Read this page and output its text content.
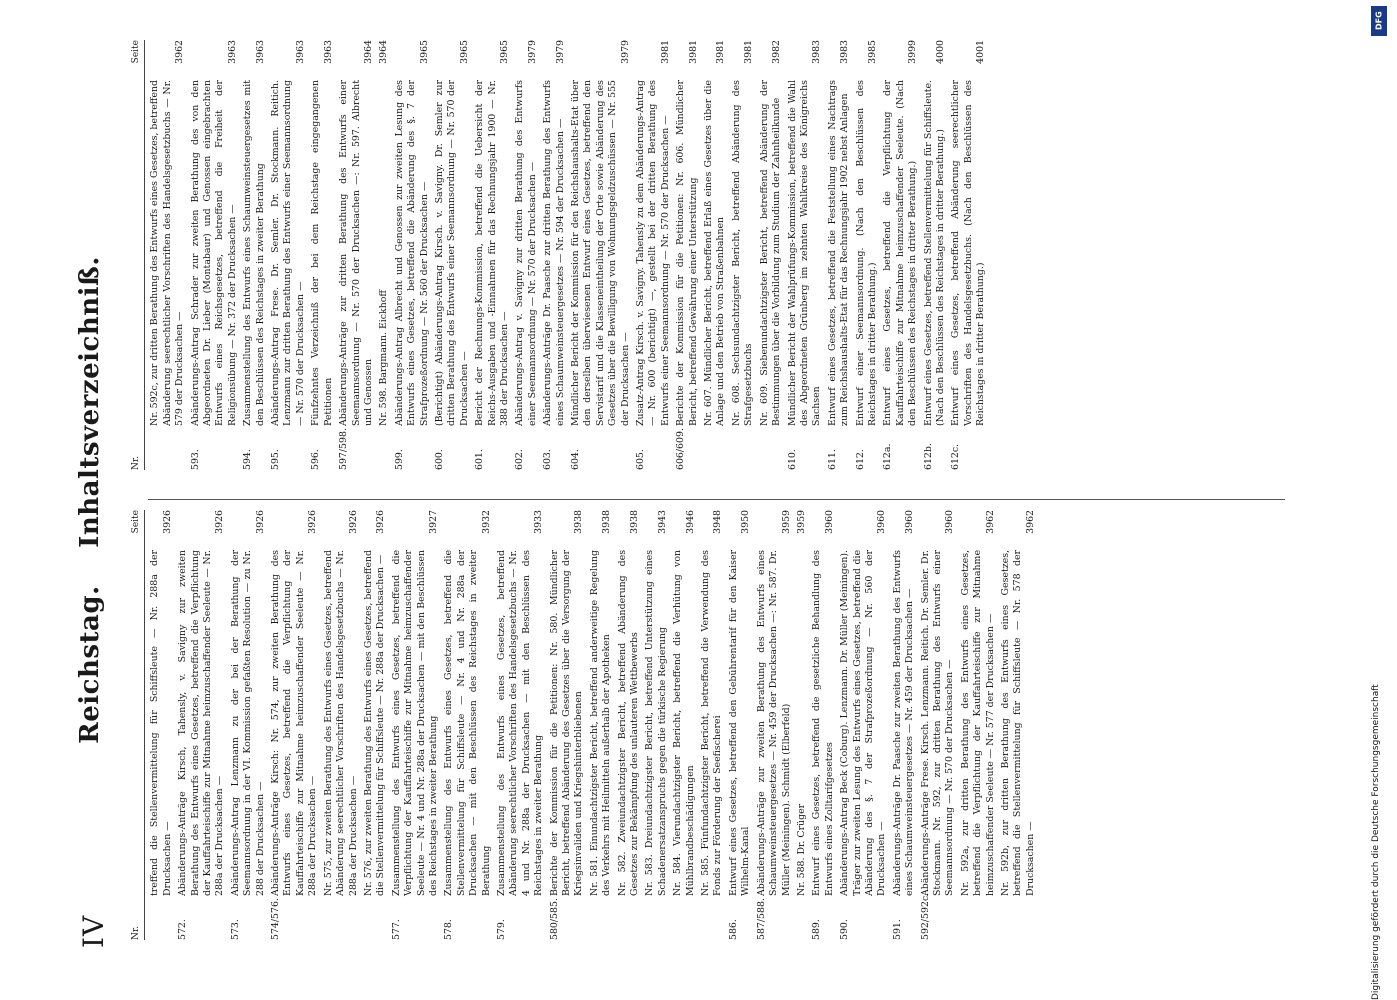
IV
Reichstag. Inhaltsverzeichniß.
Nr.
Seite
treffend die Stellenvermittelung für Schiffsleute — Nr. 288a der Drucksachen —
3926
572.
Abänderungs-Anträge Kirsch, Tahensly, v. Savigny zur zweiten Berathung des Entwurfs eines Gesetzes, betreffend die Verpflichtung der Kauffahrteischiffe zur Mitnahme heimzuschaffender Seeleute — Nr. 288a der Drucksachen —
3926
573.
Abänderungs-Antrag Lenzmann zu der bei der Berathung der Seemannsordnung in der VI. Kommission gefaßten Resolution — zu Nr. 288 der Drucksachen —
3926
574/576.
Abänderungs-Anträge Kirsch: Nr. 574, zur zweiten Berathung des Entwurfs eines Gesetzes, betreffend die Verpflichtung der Kauffahrteischiffe zur Mitnahme heimzuschaffender Seeleute — Nr. 288a der Drucksachen —
3926
Nr. 575, zur zweiten Berathung des Entwurfs eines Gesetzes, betreffend Abänderung seerechtlicher Vorschriften des Handelsgesetzbuchs — Nr. 288a der Drucksachen —
3926
Nr. 576, zur zweiten Berathung des Entwurfs eines Gesetzes, betreffend die Stellenvermittelung für Schiffsleute — Nr. 288a der Drucksachen —
3926
577.
Zusammenstellung des Entwurfs eines Gesetzes, betreffend die Verpflichtung der Kauffahrteischiffe zur Mitnahme heimzuschaffender Seeleute — Nr. 4 und Nr. 288a der Drucksachen — mit den Beschlüssen des Reichstages in zweiter Berathung
3927
578.
Zusammenstellung des Entwurfs eines Gesetzes, betreffend die Stellenvermittelung für Schiffsleute — Nr. 4 und Nr. 288a der Drucksachen — mit den Beschlüssen des Reichstages in zweiter Berathung
3932
579.
Zusammenstellung des Entwurfs eines Gesetzes, betreffend Abänderung seerechtlicher Vorschriften des Handelsgesetzbuchs — Nr. 4 und Nr. 288a der Drucksachen — mit den Beschlüssen des Reichstages in zweiter Berathung
3933
580/585.
Berichte der Kommission für die Petitionen: Nr. 580. Mündlicher Bericht, betreffend Abänderung des Gesetzes über die Versorgung der Kriegsinvaliden und Kriegshinterbliebenen
3938
Nr. 581. Einundachtzigster Bericht, betreffend anderweitige Regelung des Verkehrs mit Heilmitteln außerhalb der Apotheken
3938
Nr. 582. Zweiundachtzigster Bericht, betreffend Abänderung des Gesetzes zur Bekämpfung des unlauteren Wettbewerbs
3938
Nr. 583. Dreiundachtzigster Bericht, betreffend Unterstützung eines Schadenersatzanspruchs gegen die türkische Regierung
3943
Nr. 584. Vierundachtzigster Bericht, betreffend die Verhütung von Mühlbrandbeschädigungen
3946
Nr. 585. Fünfundachtzigster Bericht, betreffend die Verwendung des Fonds zur Förderung der Seefischerei
3948
586.
Entwurf eines Gesetzes, betreffend den Gebührentarif für den Kaiser Wilhelm-Kanal
3950
587/588.
Abänderungs-Anträge zur zweiten Berathung des Entwurfs eines Schaumweinsteuergesetzes — Nr. 459 der Drucksachen —: Nr. 587. Dr. Müller (Meiningen). Schmidt (Elberfeld)
3959
Nr. 588. Dr. Crüger
3959
589.
Entwurf eines Gesetzes, betreffend die gesetzliche Behandlung des Entwurfs eines Zolltarifgesetzes
3960
590.
Abänderungs-Antrag Beck (Coburg). Lenzmann. Dr. Müller (Meiningen). Träger zur zweiten Lesung des Entwurfs eines Gesetzes, betreffend die Abänderung des §. 7 der Strafprozeßordnung — Nr. 560 der Drucksachen —
3960
591.
Abänderungs-Anträge Dr. Paasche zur zweiten Berathung des Entwurfs eines Schaumweinsteuergesetzes — Nr. 459 der Drucksachen —
3960
592/592c.
Abänderungs-Anträge Frese. Kirsch. Lenzmann. Reitich. Dr. Semler. Dr. Stockmann. Nr. 592, zur dritten Berathung des Entwurfs einer Seemannsordnung — Nr. 570 der Drucksachen —
3960
Nr. 592a, zur dritten Berathung des Entwurfs eines Gesetzes, betreffend die Verpflichtung der Kauffahrteischiffe zur Mitnahme heimzuschaffender Seeleute — Nr. 577 der Drucksachen —
3962
Nr. 592b, zur dritten Berathung des Entwurfs eines Gesetzes, betreffend die Stellenvermittelung für Schiffsleute — Nr. 578 der Drucksachen —
3962
Nr.
Seite
Nr. 592c, zur dritten Berathung des Entwurfs eines Gesetzes, betreffend Abänderung seerechtlicher Vorschriften des Handelsgesetzbuchs — Nr. 579 der Drucksachen —
3962
593.
Abänderungs-Antrag Schrader zur zweiten Berathung des von den Abgeordneten Dr. Lieber (Montabaur) und Genossen eingebrachten Entwurfs eines Reichsgesetzes, betreffend die Freiheit der Religionsübung — Nr. 372 der Drucksachen —
3963
594.
Zusammenstellung des Entwurfs eines Schaumweinsteuergesetzes mit den Beschlüssen des Reichstages in zweiter Berathung
3963
595.
Abänderungs-Antrag Frese. Dr. Semler. Dr. Stockmann. Reitich. Lenzmann zur dritten Berathung des Entwurfs einer Seemannsordnung — Nr. 570 der Drucksachen —
3963
596.
Fünfzehntes Verzeichniß der bei dem Reichstage eingegangenen Petitionen
3963
597/598.
Abänderungs-Anträge zur dritten Berathung des Entwurfs einer Seemannsordnung — Nr. 570 der Drucksachen —: Nr. 597. Albrecht und Genossen
3964
Nr. 598. Bargmann. Eickhoff
3964
599.
Abänderungs-Antrag Albrecht und Genossen zur zweiten Lesung des Entwurfs eines Gesetzes, betreffend die Abänderung des §. 7 der Strafprozeßordnung — Nr. 560 der Drucksachen —
3965
600.
(Berichtigt) Abänderungs-Antrag Kirsch. v. Savigny. Dr. Semler zur dritten Berathung des Entwurfs einer Seemannsordnung — Nr. 570 der Drucksachen —
3965
601.
Bericht der Rechnungs-Kommission, betreffend die Uebersicht der Reichs-Ausgaben und -Einnahmen für das Rechnungsjahr 1900 — Nr. 388 der Drucksachen —
3965
602.
Abänderungs-Antrag v. Savigny zur dritten Berathung des Entwurfs einer Seemannsordnung — Nr. 570 der Drucksachen —
3979
603.
Abänderungs-Anträge Dr. Paasche zur dritten Berathung des Entwurfs eines Schaumweinsteuergesetzes — Nr. 594 der Drucksachen —
3979
604.
Mündlicher Bericht der Kommission für den Reichshaushalts-Etat über den derselben überwiesenen Entwurf eines Gesetzes, betreffend den Servistarif und die Klasseneintheilung der Orte sowie Abänderung des Gesetzes über die Bewilligung von Wohnungsgeldzuschüssen — Nr. 555 der Drucksachen —
3979
605.
Zusatz-Antrag Kirsch. v. Savigny. Tahensly zu dem Abänderungs-Antrag — Nr. 600 (berichtigt) —, gestellt bei der dritten Berathung des Entwurfs einer Seemannsordnung — Nr. 570 der Drucksachen —
3981
606/609.
Berichte der Kommission für die Petitionen: Nr. 606. Mündlicher Bericht, betreffend Gewährung einer Unterstützung
3981
Nr. 607. Mündlicher Bericht, betreffend Erlaß eines Gesetzes über die Anlage und den Betrieb von Straßenbahnen
3981
Nr. 608. Sechsundachtzigster Bericht, betreffend Abänderung des Strafgesetzbuchs
3981
Nr. 609. Siebenundachtzigster Bericht, betreffend Abänderung der Bestimmungen über die Vorbildung zum Studium der Zahnheilkunde
3982
610.
Mündlicher Bericht der Wahlprüfungs-Kommission, betreffend die Wahl des Abgeordneten Grünberg im zehnten Wahlkreise des Königreichs Sachsen
3983
611.
Entwurf eines Gesetzes, betreffend die Feststellung eines Nachtrags zum Reichshaushalts-Etat für das Rechnungsjahr 1902 nebst Anlagen
3983
612.
Entwurf einer Seemannsordnung. (Nach den Beschlüssen des Reichstages in dritter Berathung.)
3985
612a.
Entwurf eines Gesetzes, betreffend die Verpflichtung der Kauffahrteischiffe zur Mitnahme heimzuschaffender Seeleute. (Nach den Beschlüssen des Reichstages in dritter Berathung.)
3999
612b.
Entwurf eines Gesetzes, betreffend Stellenvermittelung für Schiffsleute. (Nach den Beschlüssen des Reichstages in dritter Berathung.)
4000
612c.
Entwurf eines Gesetzes, betreffend Abänderung seerechtlicher Vorschriften des Handelsgesetzbuchs. (Nach den Beschlüssen des Reichstages in dritter Berathung.)
4001
DFG
Digitalisierung gefördert durch die Deutsche Forschungsgemeinschaft
